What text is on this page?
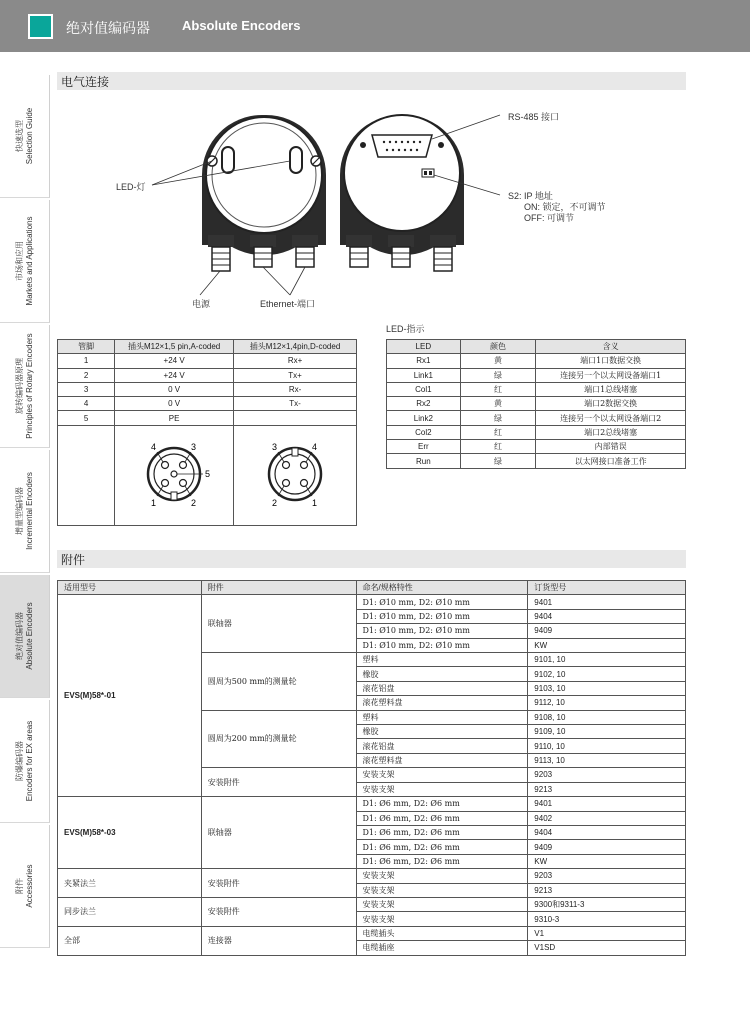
绝对值编码器 Absolute Encoders
快速选型 Selection Guide
市场和应用 Markets and Applications
旋转编码器原理 Principles of Rotary Encoders
增量型编码器 Incremental Encoders
绝对值编码器 Absolute Encoders
防爆编码器 Encoders for EX areas
附件 Accessories
电气连接
LED-灯
电源	Ethernet-端口
RS-485 接口
S2: IP 地址
ON: 锁定，不可调节
OFF: 可调节
LED-指示
管脚	插头M12×1,5 pin,A-coded	插头M12×1,4pin,D-coded
1	+24 V	Rx+
2	+24 V	Tx+
3	0 V	Rx-
4	0 V	Tx-
5	PE	

4 3
5
1 2	3 4
2 1
LED	颜色	含义
Rx1	黄	端口1口数据交换
Link1	绿	连接另一个以太网设备端口1
Col1	红	端口1总线堵塞
Rx2	黄	端口2数据交换
Link2	绿	连接另一个以太网设备端口2
Col2	红	端口2总线堵塞
Err	红	内部错误
Run	绿	以太网接口准备工作
附件
适用型号	附件	命名/规格特性	订货型号
EVS(M)58*-01	联轴器	D1: Ø10 mm, D2: Ø10 mm	9401
		D1: Ø10 mm, D2: Ø10 mm	9404
		D1: Ø10 mm, D2: Ø10 mm	9409
		D1: Ø10 mm, D2: Ø10 mm	KW
	圆周为500 mm的测量轮	塑料	9101, 10
		橡胶	9102, 10
		滚花铝盘	9103, 10
		滚花塑料盘	9112, 10
	圆周为200 mm的测量轮	塑料	9108, 10
		橡胶	9109, 10
		滚花铝盘	9110, 10
		滚花塑料盘	9113, 10
	安装附件	安装支架	9203
		安装支架	9213
EVS(M)58*-03	联轴器	D1: Ø6 mm, D2: Ø6 mm	9401
		D1: Ø6 mm, D2: Ø6 mm	9402
		D1: Ø6 mm, D2: Ø6 mm	9404
		D1: Ø6 mm, D2: Ø6 mm	9409
		D1: Ø6 mm, D2: Ø6 mm	KW
夹紧法兰	安装附件	安装支架	9203
		安装支架	9213
同步法兰	安装附件	安装支架	9300和9311-3
		安装支架	9310-3
全部	连接器	电缆插头	V1
		电缆插座	V1SD
